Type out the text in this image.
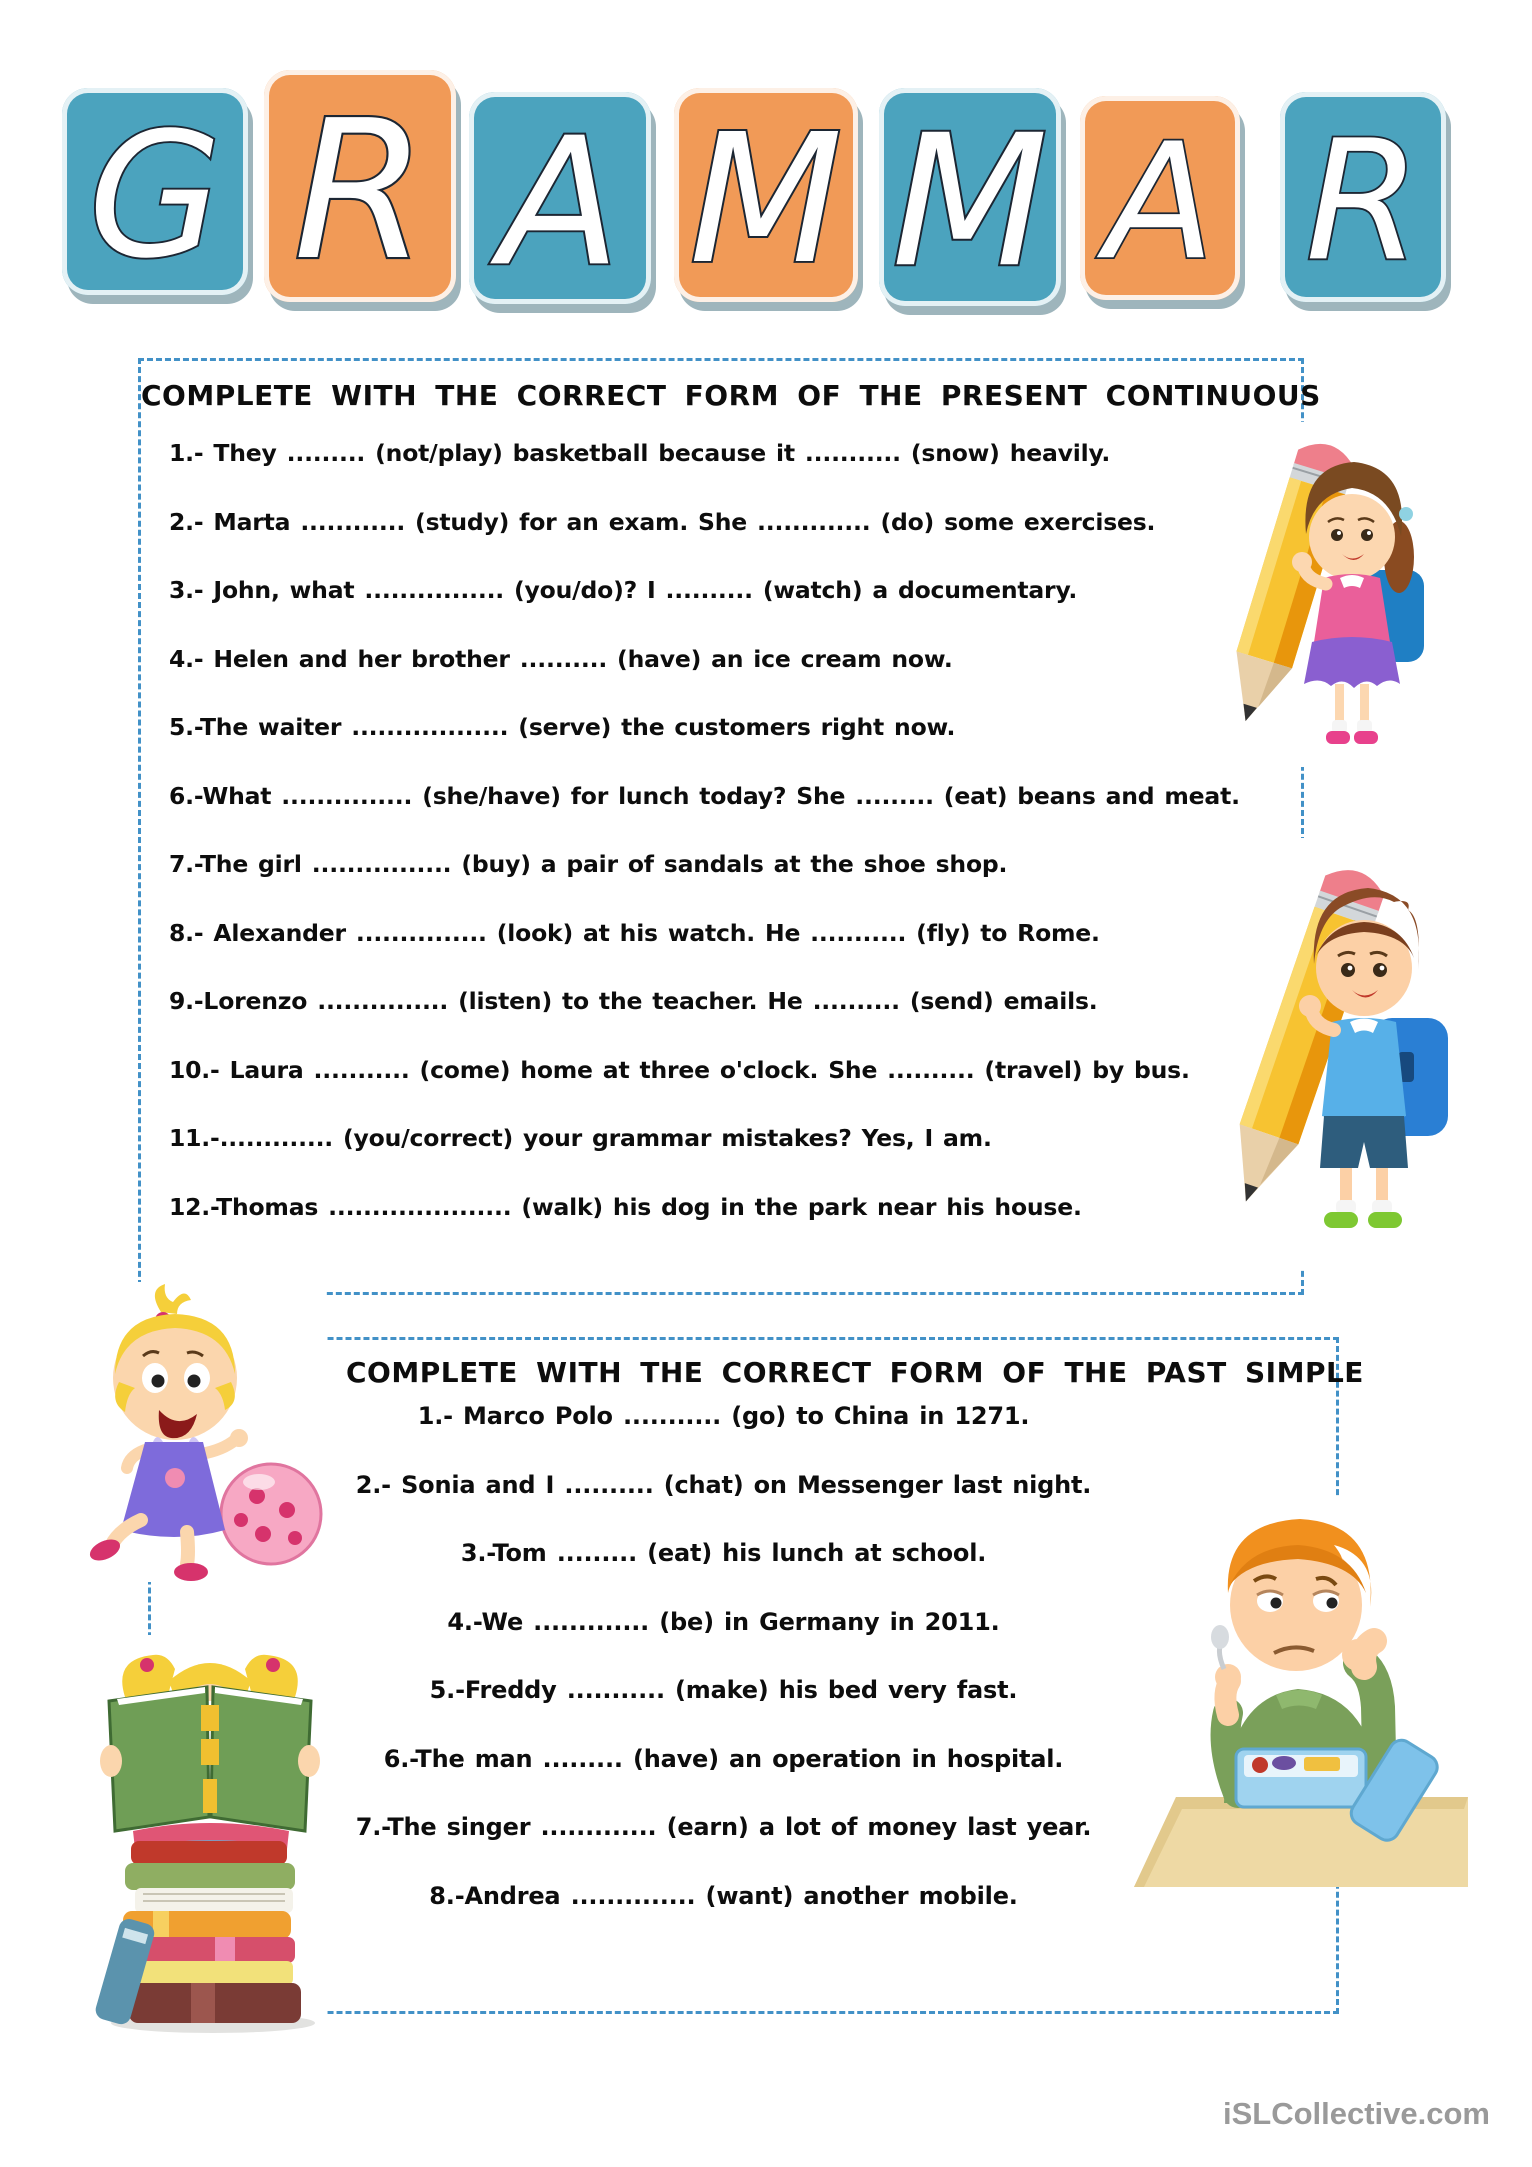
G R A M M A R
COMPLETE WITH THE CORRECT FORM OF THE PRESENT CONTINUOUS
1.- They ......... (not/play) basketball because it ........... (snow) heavily.
2.- Marta ............ (study) for an exam. She ............. (do) some exercises.
3.- John, what ................ (you/do)? I .......... (watch) a documentary.
4.- Helen and her brother .......... (have) an ice cream now.
5.-The waiter .................. (serve) the customers right now.
6.-What ............... (she/have) for lunch today? She ......... (eat) beans and meat.
7.-The girl ................ (buy) a pair of sandals at the shoe shop.
8.- Alexander ............... (look) at his watch. He ........... (fly) to Rome.
9.-Lorenzo ............... (listen) to the teacher. He .......... (send) emails.
10.- Laura ........... (come) home at three o'clock. She .......... (travel) by bus.
11.-............. (you/correct) your grammar mistakes? Yes, I am.
12.-Thomas ..................... (walk) his dog in the park near his house.
COMPLETE WITH THE CORRECT FORM OF THE PAST SIMPLE
1.- Marco Polo ........... (go) to China in 1271.
2.- Sonia and I .......... (chat) on Messenger last night.
3.-Tom ......... (eat) his lunch at school.
4.-We ............. (be) in Germany in 2011.
5.-Freddy ........... (make) his bed very fast.
6.-The man ......... (have) an operation in hospital.
7.-The singer ............. (earn) a lot of money last year.
8.-Andrea .............. (want) another mobile.
iSLCollective.com
